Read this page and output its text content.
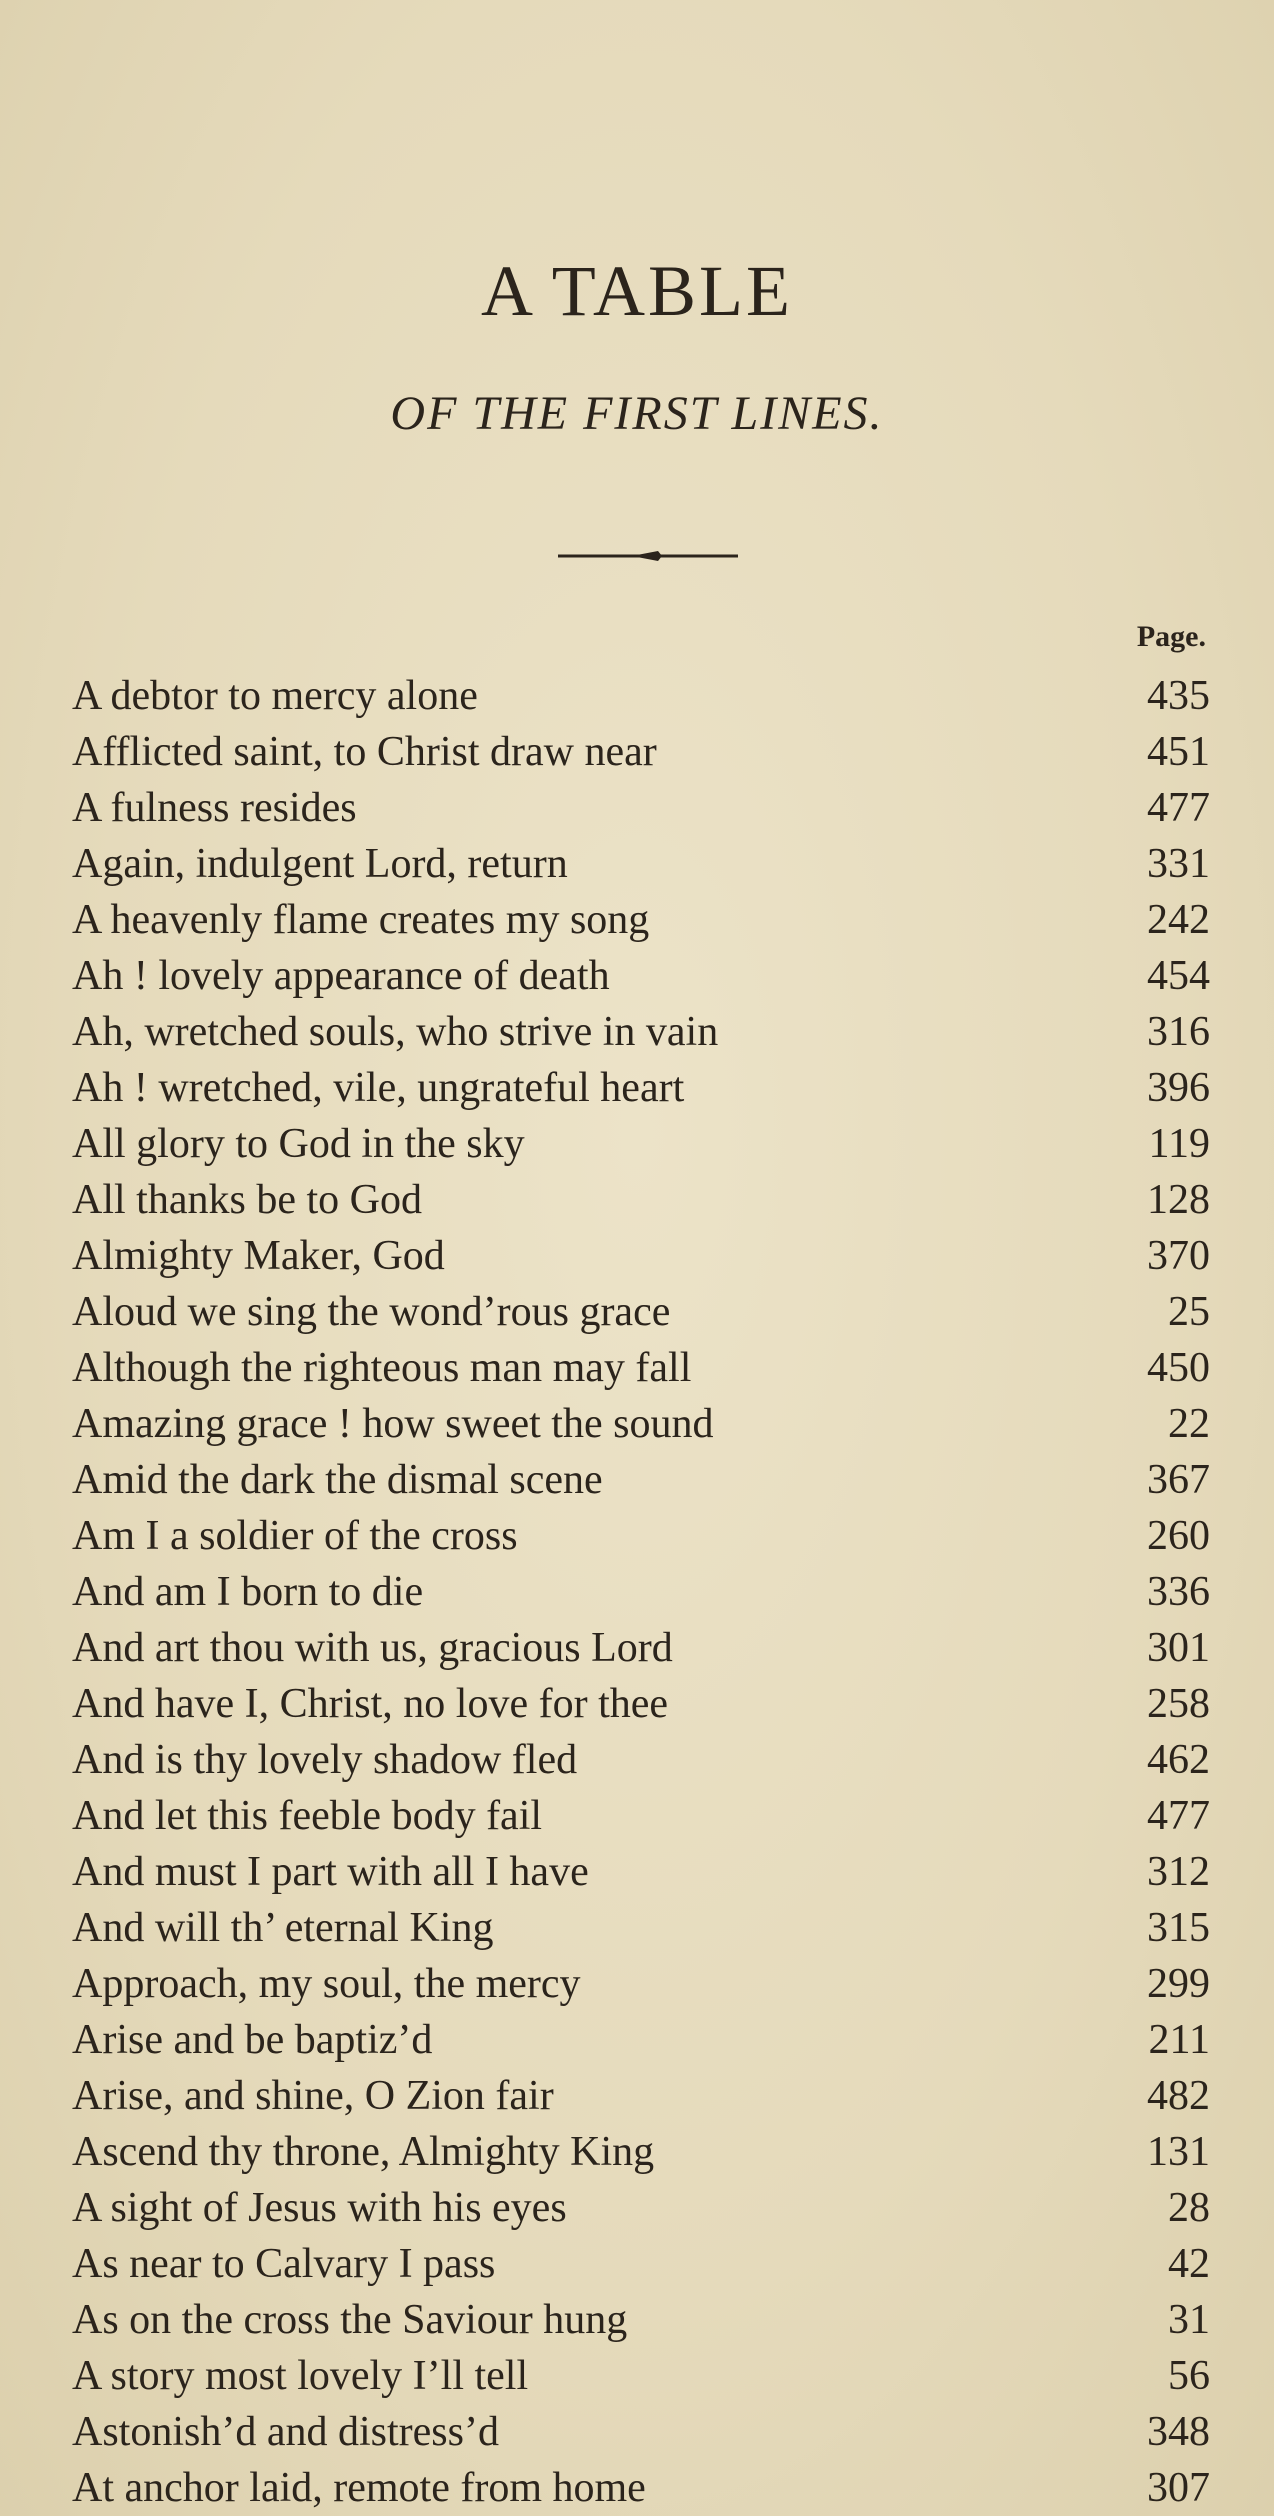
A TABLE
OF THE FIRST LINES.
Page.
A debtor to mercy alone	435
Afflicted saint, to Christ draw near	451
A fulness resides	477
Again, indulgent Lord, return	331
A heavenly flame creates my song	242
Ah ! lovely appearance of death	454
Ah, wretched souls, who strive in vain	316
Ah ! wretched, vile, ungrateful heart	396
All glory to God in the sky	119
All thanks be to God	128
Almighty Maker, God	370
Aloud we sing the wond’rous grace	25
Although the righteous man may fall	450
Amazing grace ! how sweet the sound	22
Amid the dark the dismal scene	367
Am I a soldier of the cross	260
And am I born to die	336
And art thou with us, gracious Lord	301
And have I, Christ, no love for thee	258
And is thy lovely shadow fled	462
And let this feeble body fail	477
And must I part with all I have	312
And will th’ eternal King	315
Approach, my soul, the mercy	299
Arise and be baptiz’d	211
Arise, and shine, O Zion fair	482
Ascend thy throne, Almighty King	131
A sight of Jesus with his eyes	28
As near to Calvary I pass	42
As on the cross the Saviour hung	31
A story most lovely I’ll tell	56
Astonish’d and distress’d	348
At anchor laid, remote from home	307
